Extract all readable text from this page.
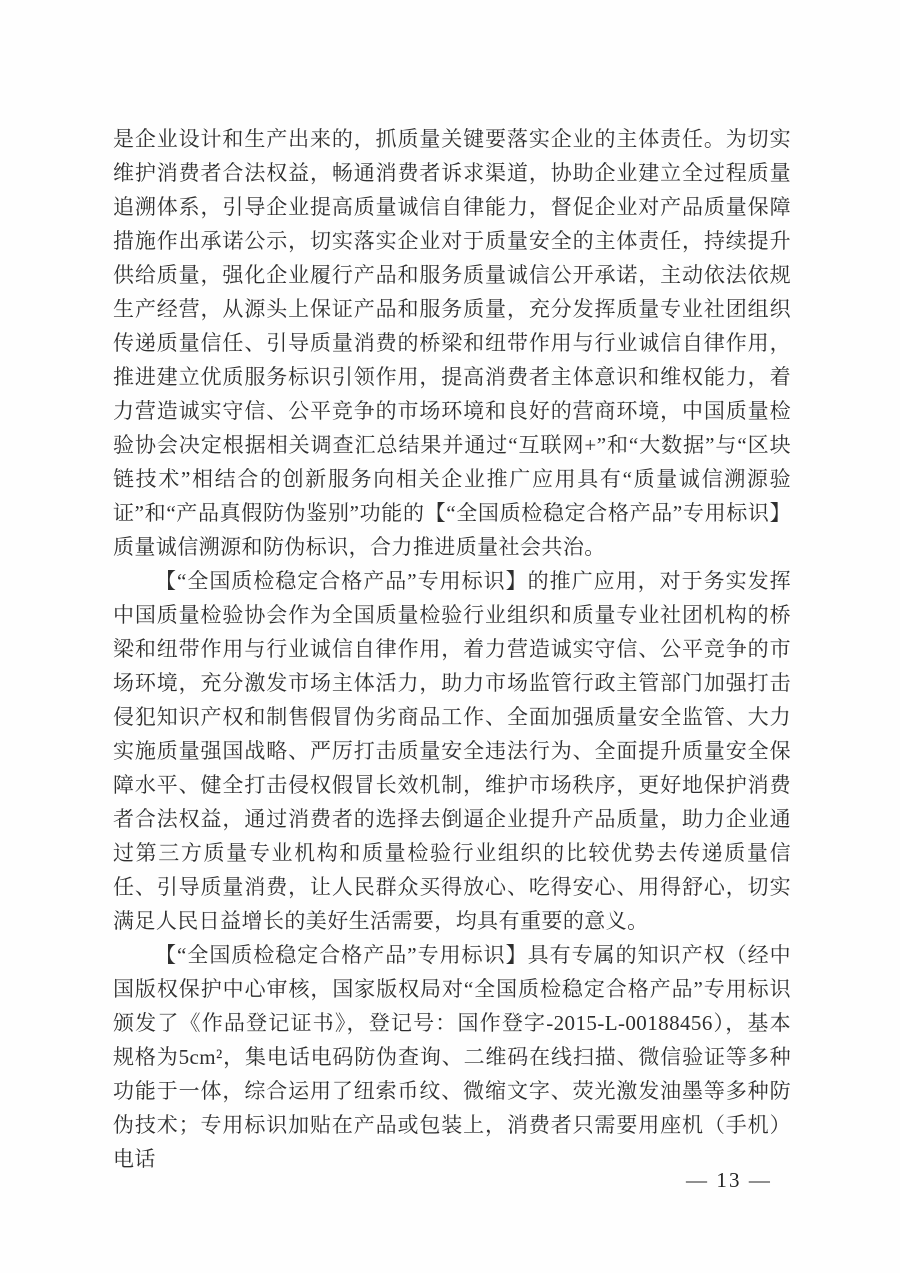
是企业设计和生产出来的，抓质量关键要落实企业的主体责任。为切实维护消费者合法权益，畅通消费者诉求渠道，协助企业建立全过程质量追溯体系，引导企业提高质量诚信自律能力，督促企业对产品质量保障措施作出承诺公示，切实落实企业对于质量安全的主体责任，持续提升供给质量，强化企业履行产品和服务质量诚信公开承诺，主动依法依规生产经营，从源头上保证产品和服务质量，充分发挥质量专业社团组织传递质量信任、引导质量消费的桥梁和纽带作用与行业诚信自律作用，推进建立优质服务标识引领作用，提高消费者主体意识和维权能力，着力营造诚实守信、公平竞争的市场环境和良好的营商环境，中国质量检验协会决定根据相关调查汇总结果并通过“互联网+”和“大数据”与“区块链技术”相结合的创新服务向相关企业推广应用具有“质量诚信溯源验证”和“产品真假防伪鉴别”功能的【“全国质检稳定合格产品”专用标识】质量诚信溯源和防伪标识，合力推进质量社会共治。

【“全国质检稳定合格产品”专用标识】的推广应用，对于务实发挥中国质量检验协会作为全国质量检验行业组织和质量专业社团机构的桥梁和纽带作用与行业诚信自律作用，着力营造诚实守信、公平竞争的市场环境，充分激发市场主体活力，助力市场监管行政主管部门加强打击侵犯知识产权和制售假冒伪劣商品工作、全面加强质量安全监管、大力实施质量强国战略、严厉打击质量安全违法行为、全面提升质量安全保障水平、健全打击侵权假冒长效机制，维护市场秩序，更好地保护消费者合法权益，通过消费者的选择去倒逼企业提升产品质量，助力企业通过第三方质量专业机构和质量检验行业组织的比较优势去传递质量信任、引导质量消费，让人民群众买得放心、吃得安心、用得舒心，切实满足人民日益增长的美好生活需要，均具有重要的意义。

【“全国质检稳定合格产品”专用标识】具有专属的知识产权（经中国版权保护中心审核，国家版权局对“全国质检稳定合格产品”专用标识颁发了《作品登记证书》，登记号：国作登字-2015-L-00188456），基本规格为5cm²，集电话电码防伪查询、二维码在线扫描、微信验证等多种功能于一体，综合运用了纽索币纹、微缩文字、荧光激发油墨等多种防伪技术；专用标识加贴在产品或包装上，消费者只需要用座机（手机）电话

— 13 —
